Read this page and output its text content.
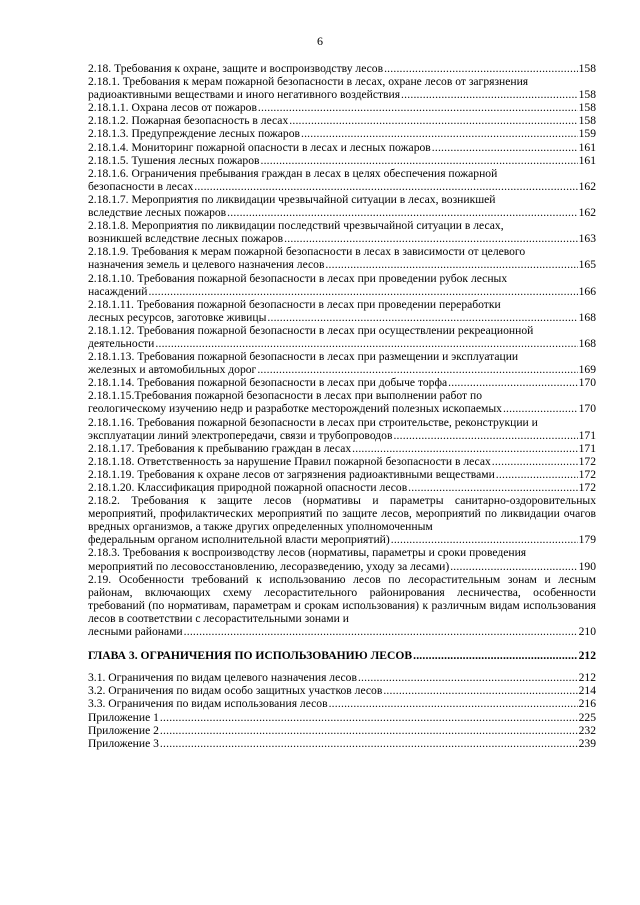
6
2.18. Требования к охране, защите и воспроизводству лесов .....	158
2.18.1. Требования к мерам пожарной безопасности в лесах, охране лесов от загрязнения
радиоактивными веществами и иного негативного воздействия .....	158
2.18.1.1. Охрана лесов от пожаров .....	158
2.18.1.2. Пожарная безопасность в лесах .....	158
2.18.1.3. Предупреждение лесных пожаров .....	159
2.18.1.4. Мониторинг пожарной опасности в лесах и лесных пожаров .....	161
2.18.1.5. Тушения лесных пожаров .....	161
2.18.1.6. Ограничения пребывания граждан в лесах в целях обеспечения пожарной
безопасности в лесах .....	162
2.18.1.7. Мероприятия по ликвидации чрезвычайной ситуации в лесах, возникшей
вследствие лесных пожаров .....	162
2.18.1.8. Мероприятия по ликвидации последствий чрезвычайной ситуации в лесах,
возникшей вследствие лесных пожаров .....	163
2.18.1.9. Требования к мерам пожарной безопасности в лесах в зависимости от целевого
назначения земель и целевого назначения лесов .....	165
2.18.1.10. Требования пожарной безопасности в лесах при проведении рубок лесных
насаждений .....	166
2.18.1.11. Требования пожарной безопасности в лесах при проведении переработки
лесных ресурсов, заготовке живицы .....	168
2.18.1.12. Требования пожарной безопасности в лесах при осуществлении рекреационной
деятельности .....	168
2.18.1.13. Требования пожарной безопасности в лесах при размещении и эксплуатации
железных и автомобильных дорог .....	169
2.18.1.14. Требования пожарной безопасности в лесах при добыче торфа .....	170
2.18.1.15.Требования пожарной безопасности в лесах при выполнении работ по
геологическому изучению недр и разработке месторождений полезных ископаемых .....	170
2.18.1.16. Требования пожарной безопасности в лесах при строительстве, реконструкции и
эксплуатации линий электропередачи, связи и трубопроводов .....	171
2.18.1.17. Требования к пребыванию граждан в лесах .....	171
2.18.1.18. Ответственность за нарушение Правил пожарной безопасности в лесах .....	172
2.18.1.19. Требования к охране лесов от загрязнения радиоактивными веществами .....	172
2.18.1.20. Классификация природной пожарной опасности лесов .....	172
2.18.2. Требования к защите лесов (нормативы и параметры санитарно-оздоровительных мероприятий, профилактических мероприятий по защите лесов, мероприятий по ликвидации очагов вредных организмов, а также других определенных уполномоченным
федеральным органом исполнительной власти мероприятий) .....	179
2.18.3. Требования к воспроизводству лесов (нормативы, параметры и сроки проведения
мероприятий по лесовосстановлению, лесоразведению, уходу за лесами) .....	190
2.19. Особенности требований к использованию лесов по лесорастительным зонам и лесным районам, включающих схему лесорастительного районирования лесничества, особенности требований (по нормативам, параметрам и срокам использования) к различным видам использования лесов в соответствии с лесорастительными зонами и
лесными районами .....	210
ГЛАВА 3. ОГРАНИЧЕНИЯ ПО ИСПОЛЬЗОВАНИЮ ЛЕСОВ .....	212
3.1. Ограничения по видам целевого назначения лесов .....	212
3.2. Ограничения по видам особо защитных участков лесов .....	214
3.3. Ограничения по видам использования лесов .....	216
Приложение 1 .....	225
Приложение 2 .....	232
Приложение 3 .....	239
